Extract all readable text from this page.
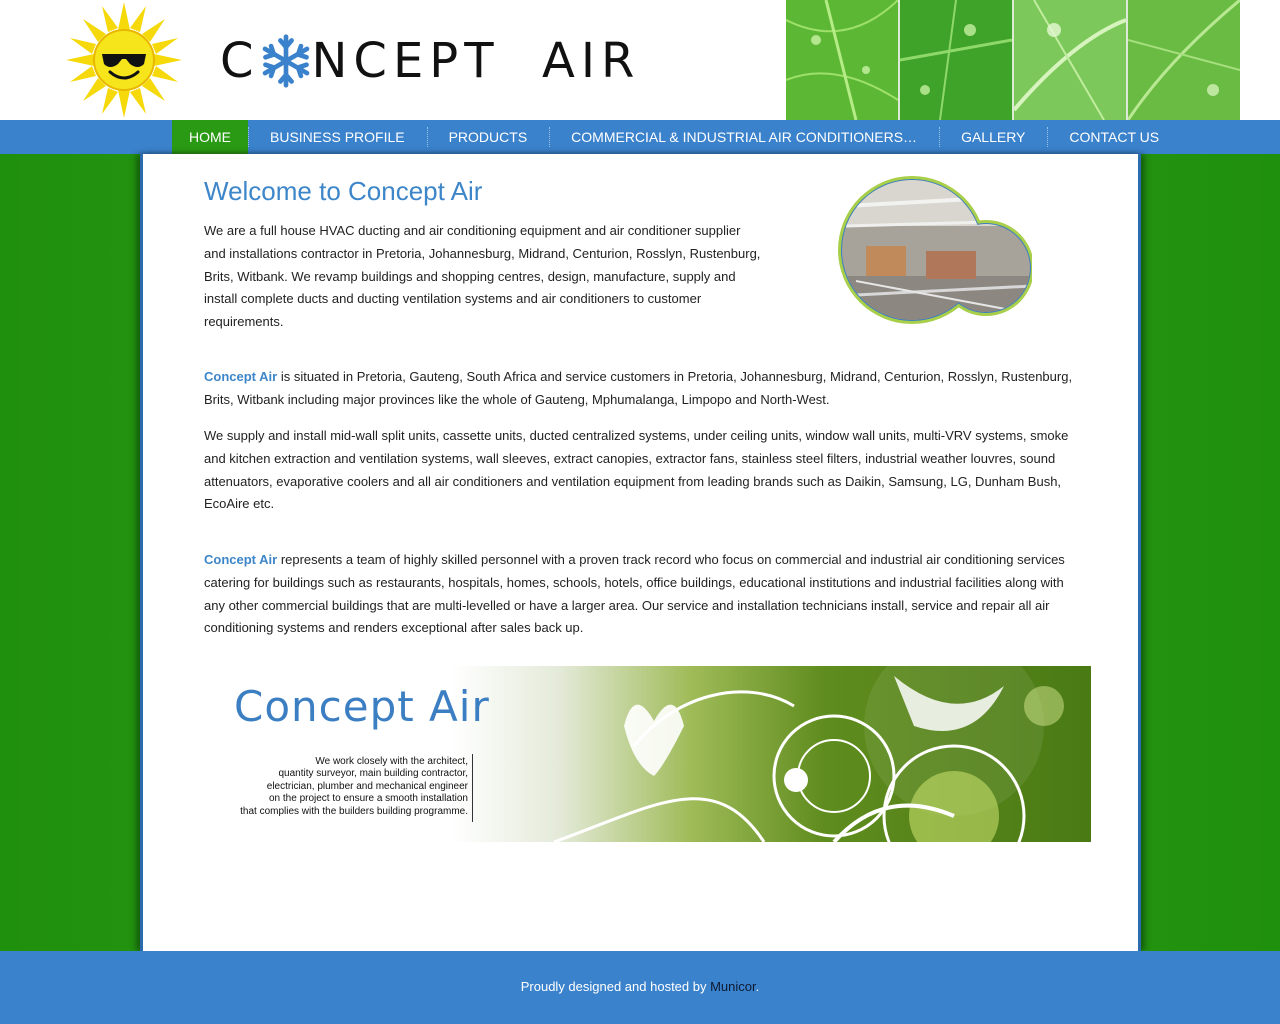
C NCEPT  AIR
HOME	BUSINESS PROFILE	PRODUCTS	COMMERCIAL & INDUSTRIAL AIR CONDITIONERS…	GALLERY	CONTACT US
Welcome to Concept Air

We are a full house HVAC ducting and air conditioning equipment and air conditioner supplier and installations contractor in Pretoria, Johannesburg, Midrand, Centurion, Rosslyn, Rustenburg, Brits, Witbank. We revamp buildings and shopping centres, design, manufacture, supply and install complete ducts and ducting ventilation systems and air conditioners to customer requirements.

Concept Air is situated in Pretoria, Gauteng, South Africa and service customers in Pretoria, Johannesburg, Midrand, Centurion, Rosslyn, Rustenburg, Brits, Witbank including major provinces like the whole of Gauteng, Mphumalanga, Limpopo and North-West.

We supply and install mid-wall split units, cassette units, ducted centralized systems, under ceiling units, window wall units, multi-VRV systems, smoke and kitchen extraction and ventilation systems, wall sleeves, extract canopies, extractor fans, stainless steel filters, industrial weather louvres, sound attenuators, evaporative coolers and all air conditioners and ventilation equipment from leading brands such as Daikin, Samsung, LG, Dunham Bush, EcoAire etc.

Concept Air represents a team of highly skilled personnel with a proven track record who focus on commercial and industrial air conditioning services catering for buildings such as restaurants, hospitals, homes, schools, hotels, office buildings, educational institutions and industrial facilities along with any other commercial buildings that are multi-levelled or have a larger area. Our service and installation technicians install, service and repair all air conditioning systems and renders exceptional after sales back up.

Concept Air
We work closely with the architect,
quantity surveyor, main building contractor,
electrician, plumber and mechanical engineer
on the project to ensure a smooth installation
that complies with the builders building programme.

Proudly designed and hosted by Municor.
